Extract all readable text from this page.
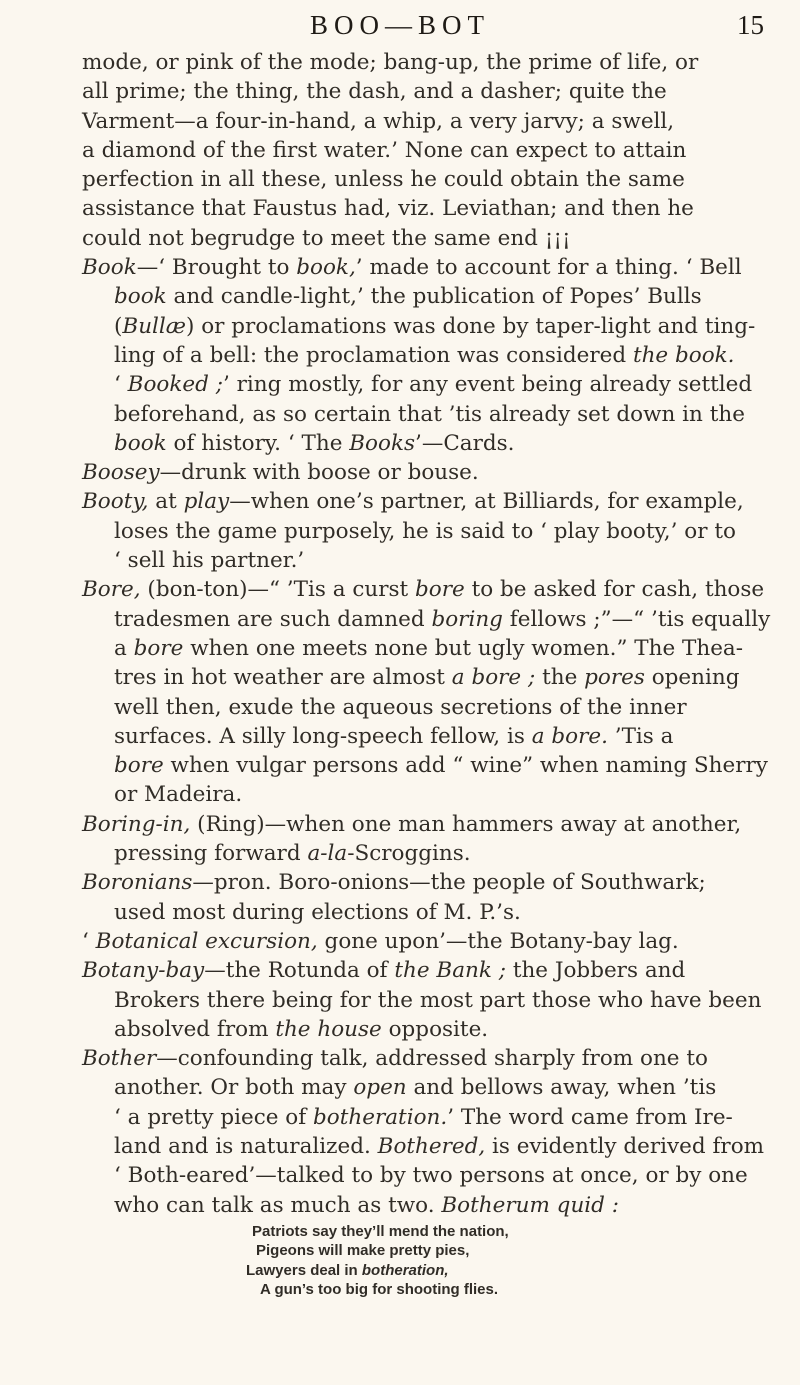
BOO—BOT	15
mode, or pink of the mode; bang-up, the prime of life, or
all prime; the thing, the dash, and a dasher; quite the
Varment—a four-in-hand, a whip, a very jarvy; a swell,
a diamond of the first water.’ None can expect to attain
perfection in all these, unless he could obtain the same
assistance that Faustus had, viz. Leviathan; and then he
could not begrudge to meet the same end ¡¡¡
Book—‘ Brought to book,’ made to account for a thing. ‘ Bell
book and candle-light,’ the publication of Popes’ Bulls
(Bullæ) or proclamations was done by taper-light and ting-
ling of a bell: the proclamation was considered the book.
‘ Booked ;’ ring mostly, for any event being already settled
beforehand, as so certain that ’tis already set down in the
book of history. ‘ The Books’—Cards.
Boosey—drunk with boose or bouse.
Booty, at play—when one’s partner, at Billiards, for example,
loses the game purposely, he is said to ‘ play booty,’ or to
‘ sell his partner.’
Bore, (bon-ton)—“ ’Tis a curst bore to be asked for cash, those
tradesmen are such damned boring fellows ;”—“ ’tis equally
a bore when one meets none but ugly women.” The Thea-
tres in hot weather are almost a bore ; the pores opening
well then, exude the aqueous secretions of the inner
surfaces. A silly long-speech fellow, is a bore. ’Tis a
bore when vulgar persons add “ wine” when naming Sherry
or Madeira.
Boring-in, (Ring)—when one man hammers away at another,
pressing forward a-la-Scroggins.
Boronians—pron. Boro-onions—the people of Southwark;
used most during elections of M. P.’s.
‘ Botanical excursion, gone upon’—the Botany-bay lag.
Botany-bay—the Rotunda of the Bank ; the Jobbers and
Brokers there being for the most part those who have been
absolved from the house opposite.
Bother—confounding talk, addressed sharply from one to
another. Or both may open and bellows away, when ’tis
‘ a pretty piece of botheration.’ The word came from Ire-
land and is naturalized. Bothered, is evidently derived from
‘ Both-eared’—talked to by two persons at once, or by one
who can talk as much as two. Botherum quid :
Patriots say they’ll mend the nation,
Pigeons will make pretty pies,
Lawyers deal in botheration,
A gun’s too big for shooting flies.
